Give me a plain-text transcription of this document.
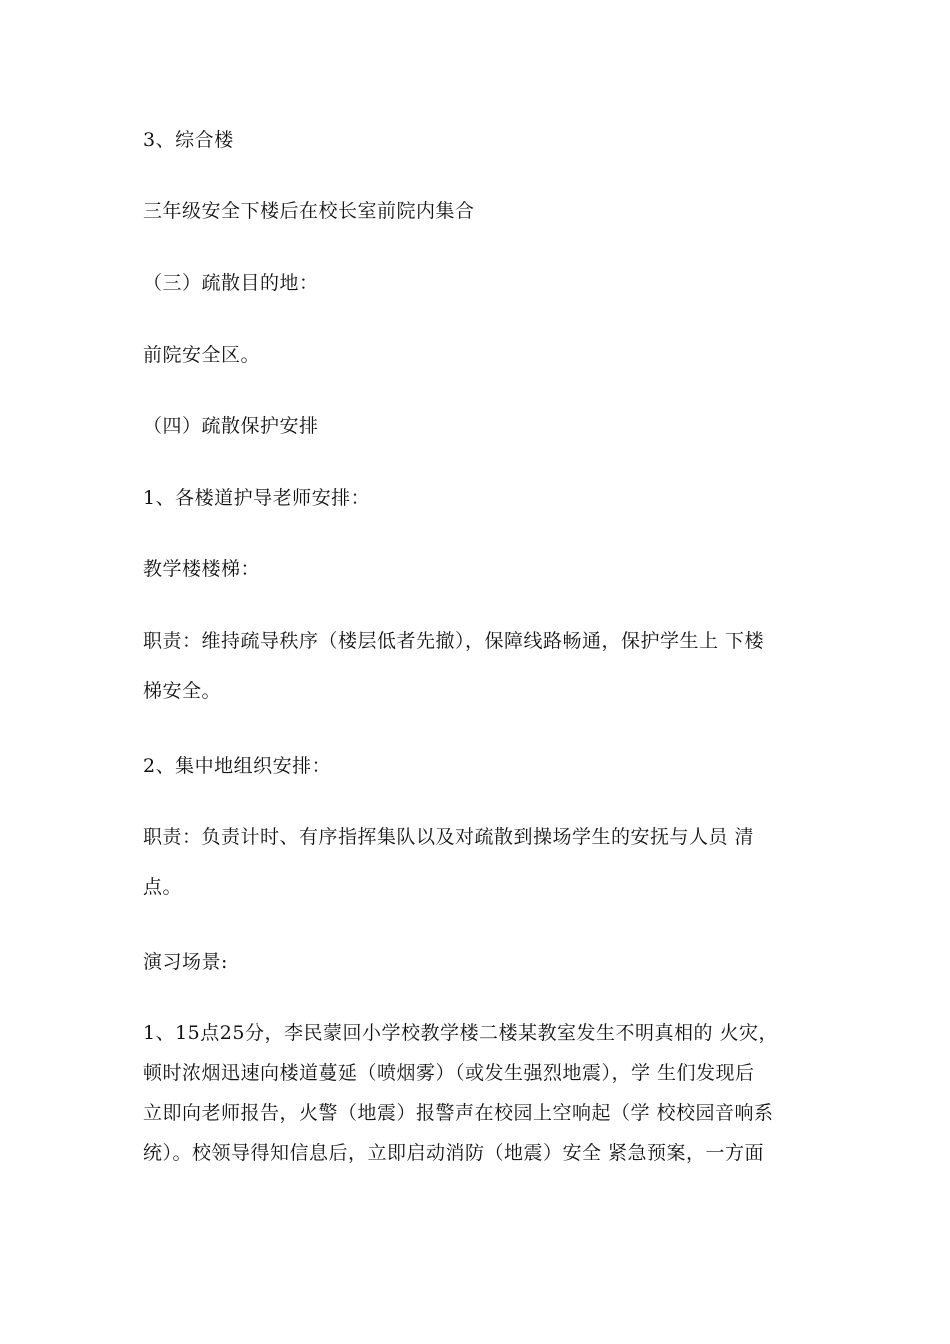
3、综合楼
三年级安全下楼后在校长室前院内集合
（三）疏散目的地：
前院安全区。
（四）疏散保护安排
1、各楼道护导老师安排：
教学楼楼梯：
职责：维持疏导秩序（楼层低者先撤），保障线路畅通，保护学生上 下楼
梯安全。
2、集中地组织安排：
职责：负责计时、有序指挥集队以及对疏散到操场学生的安抚与人员 清
点。
演习场景:
1、15点25分，李民蒙回小学校教学楼二楼某教室发生不明真相的 火灾，
顿时浓烟迅速向楼道蔓延（喷烟雾）（或发生强烈地震），学 生们发现后
立即向老师报告，火警（地震）报警声在校园上空响起（学 校校园音响系
统）。校领导得知信息后，立即启动消防（地震）安全 紧急预案，一方面
